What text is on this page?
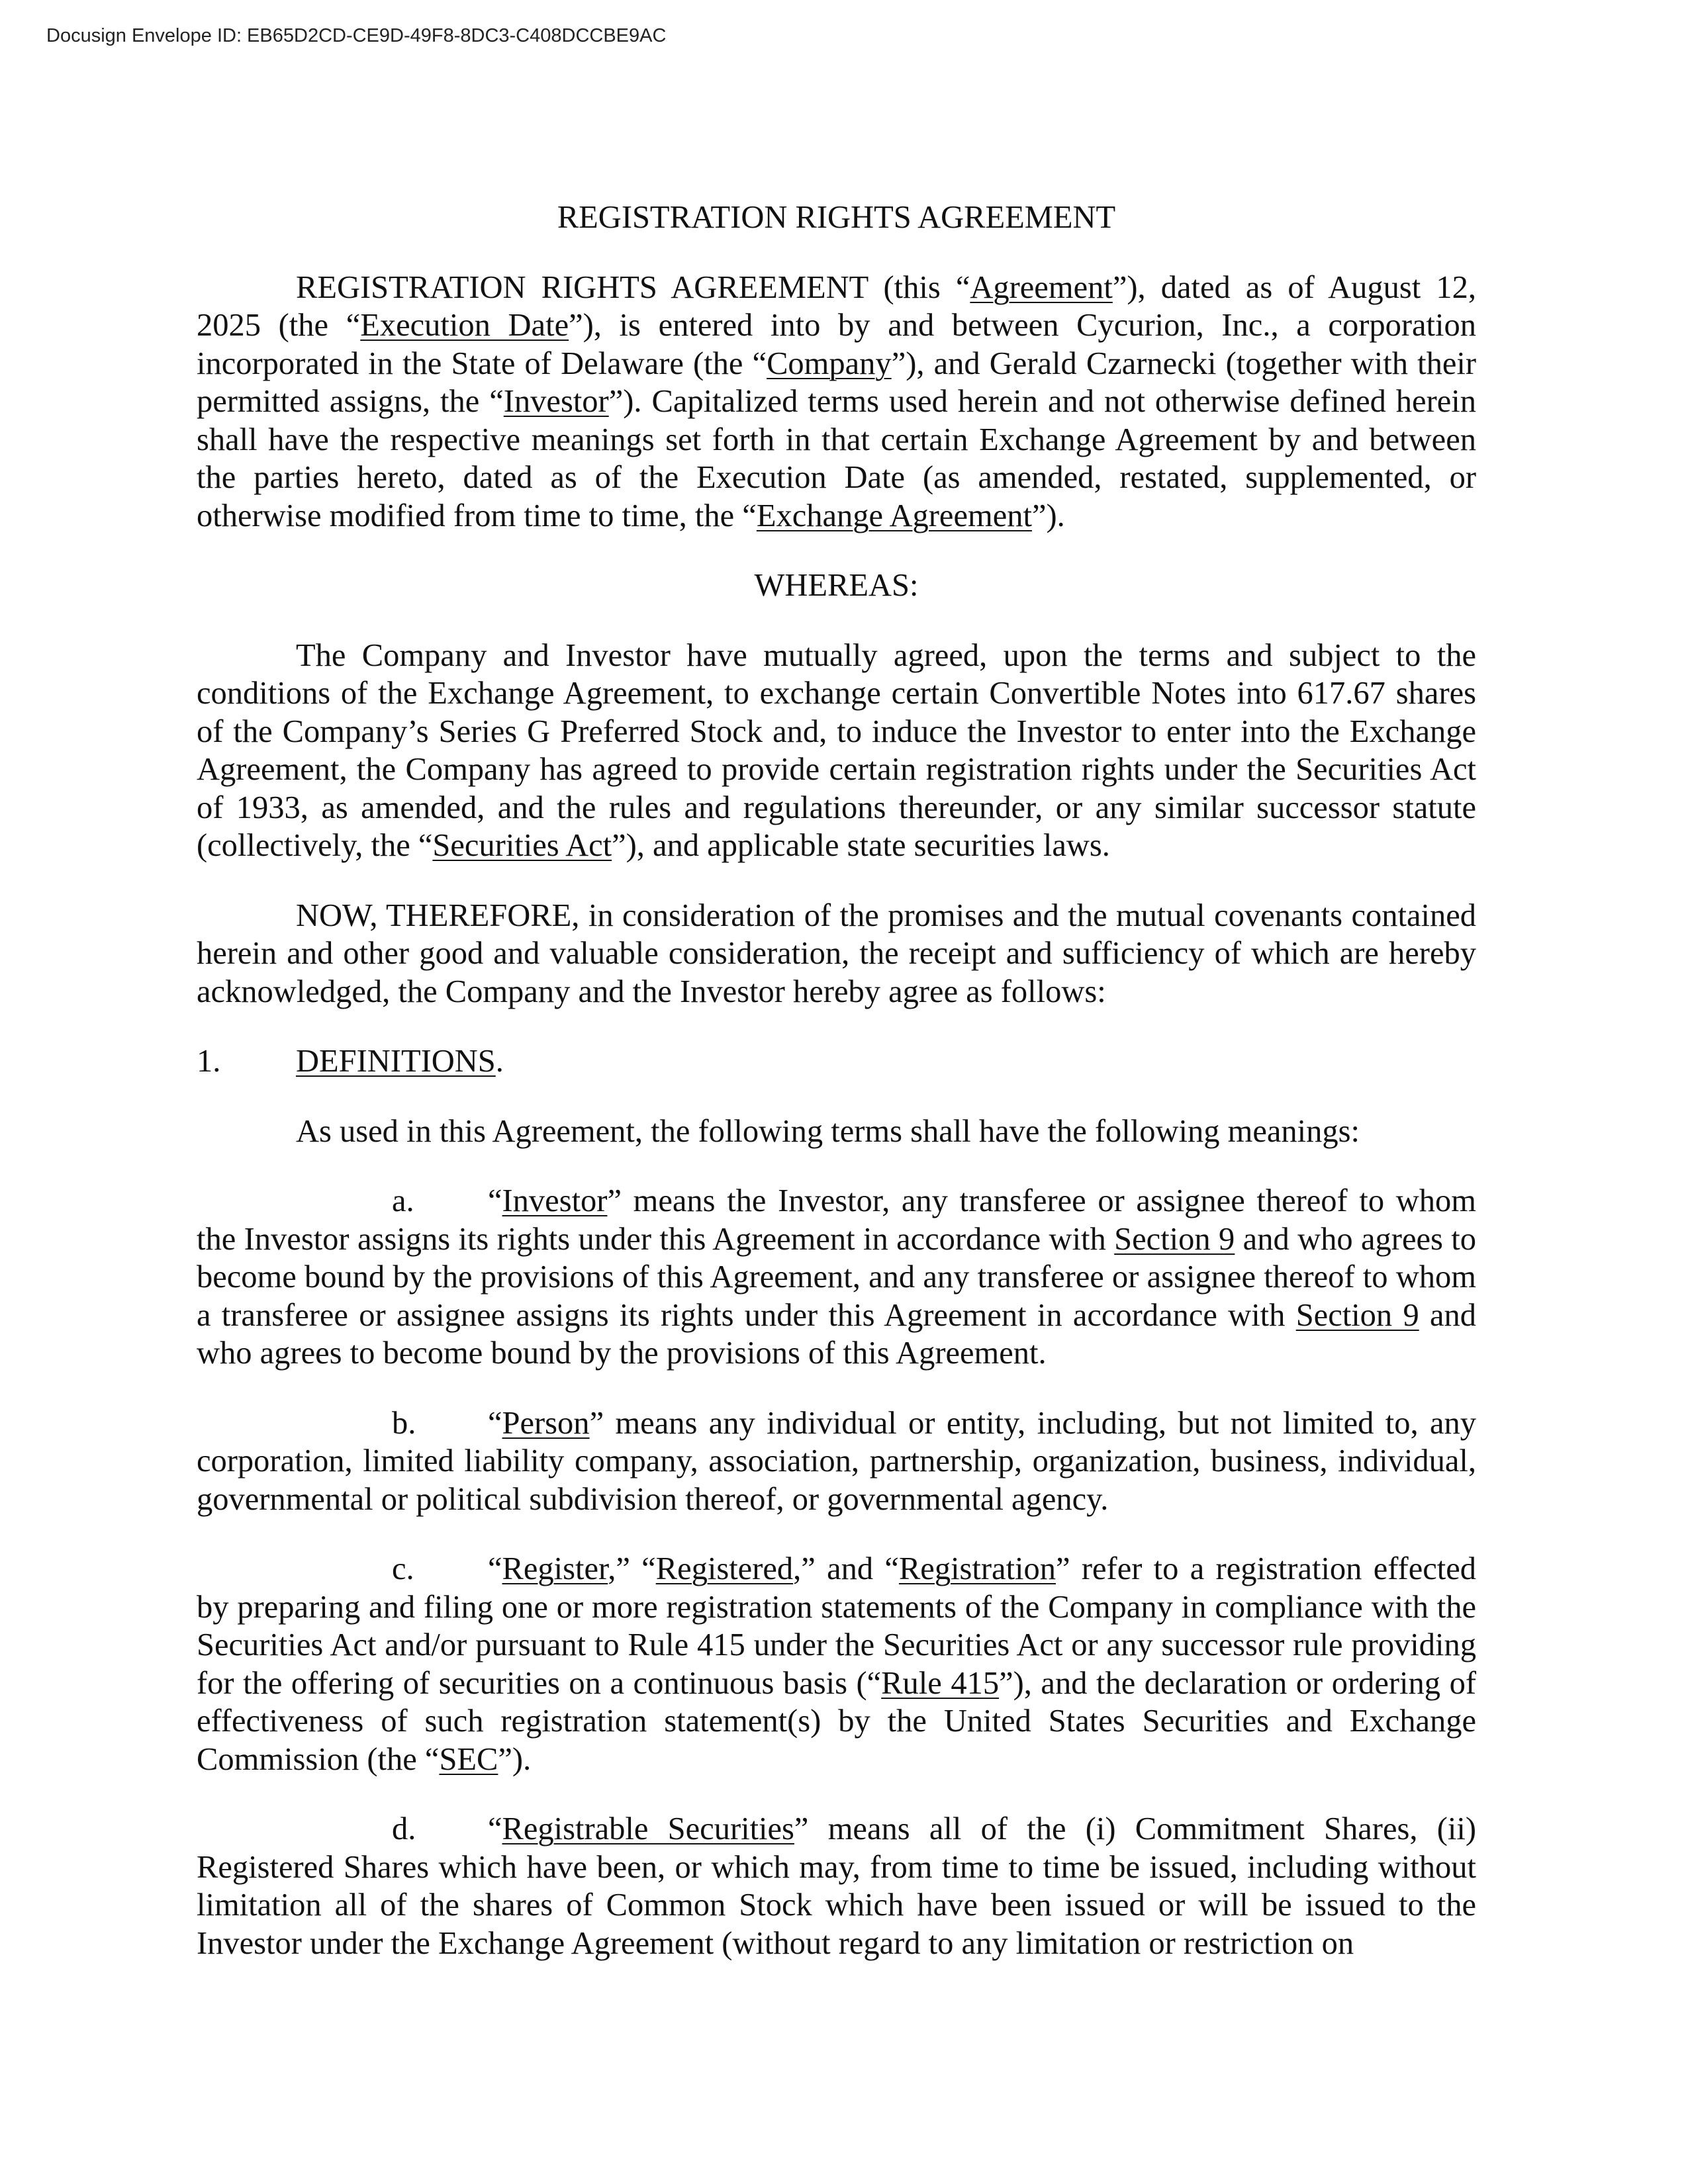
Docusign Envelope ID: EB65D2CD-CE9D-49F8-8DC3-C408DCCBE9AC

REGISTRATION RIGHTS AGREEMENT

REGISTRATION RIGHTS AGREEMENT (this “Agreement”), dated as of August 12, 2025 (the “Execution Date”), is entered into by and between Cycurion, Inc., a corporation incorporated in the State of Delaware (the “Company”), and Gerald Czarnecki (together with their permitted assigns, the “Investor”). Capitalized terms used herein and not otherwise defined herein shall have the respective meanings set forth in that certain Exchange Agreement by and between the parties hereto, dated as of the Execution Date (as amended, restated, supplemented, or otherwise modified from time to time, the “Exchange Agreement”).

WHEREAS:

The Company and Investor have mutually agreed, upon the terms and subject to the conditions of the Exchange Agreement, to exchange certain Convertible Notes into 617.67 shares of the Company’s Series G Preferred Stock and, to induce the Investor to enter into the Exchange Agreement, the Company has agreed to provide certain registration rights under the Securities Act of 1933, as amended, and the rules and regulations thereunder, or any similar successor statute (collectively, the “Securities Act”), and applicable state securities laws.

NOW, THEREFORE, in consideration of the promises and the mutual covenants contained herein and other good and valuable consideration, the receipt and sufficiency of which are hereby acknowledged, the Company and the Investor hereby agree as follows:

1. DEFINITIONS.

As used in this Agreement, the following terms shall have the following meanings:

a. “Investor” means the Investor, any transferee or assignee thereof to whom the Investor assigns its rights under this Agreement in accordance with Section 9 and who agrees to become bound by the provisions of this Agreement, and any transferee or assignee thereof to whom a transferee or assignee assigns its rights under this Agreement in accordance with Section 9 and who agrees to become bound by the provisions of this Agreement.

b. “Person” means any individual or entity, including, but not limited to, any corporation, limited liability company, association, partnership, organization, business, individual, governmental or political subdivision thereof, or governmental agency.

c. “Register,” “Registered,” and “Registration” refer to a registration effected by preparing and filing one or more registration statements of the Company in compliance with the Securities Act and/or pursuant to Rule 415 under the Securities Act or any successor rule providing for the offering of securities on a continuous basis (“Rule 415”), and the declaration or ordering of effectiveness of such registration statement(s) by the United States Securities and Exchange Commission (the “SEC”).

d. “Registrable Securities” means all of the (i) Commitment Shares, (ii) Registered Shares which have been, or which may, from time to time be issued, including without limitation all of the shares of Common Stock which have been issued or will be issued to the Investor under the Exchange Agreement (without regard to any limitation or restriction on
